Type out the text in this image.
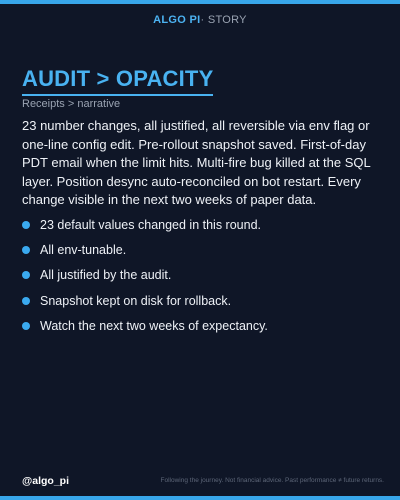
ALGO PI· STORY
AUDIT > OPACITY
Receipts > narrative

23 number changes, all justified, all reversible via env flag or one-line config edit. Pre-rollout snapshot saved. First-of-day PDT email when the limit hits. Multi-fire bug killed at the SQL layer. Position desync auto-reconciled on bot restart. Every change visible in the next two weeks of paper data.

23 default values changed in this round.
All env-tunable.
All justified by the audit.
Snapshot kept on disk for rollback.
Watch the next two weeks of expectancy.
@algo_pi	Following the journey. Not financial advice. Past performance ≠ future returns.
